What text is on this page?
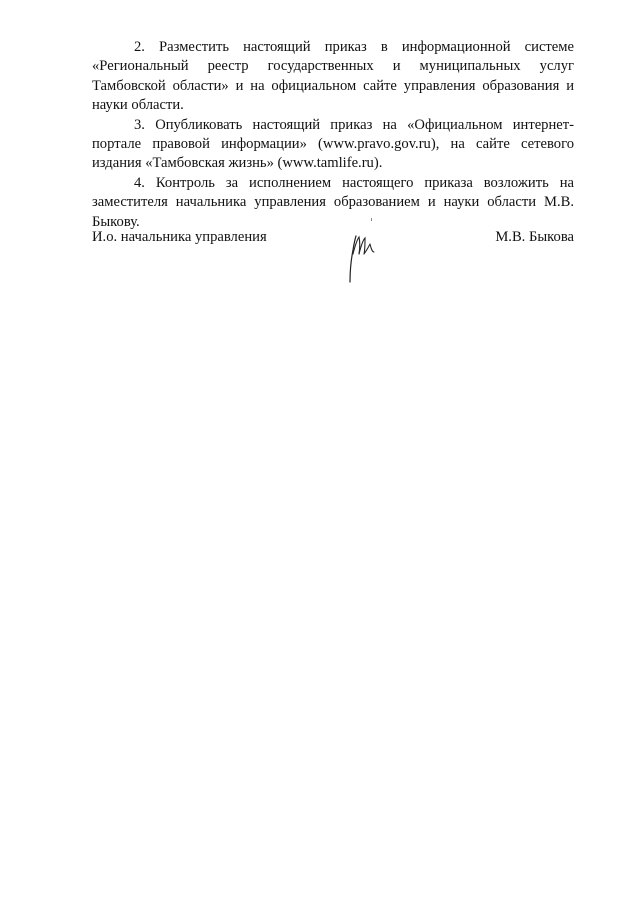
2. Разместить настоящий приказ в информационной системе «Региональный реестр государственных и муниципальных услуг Тамбовской области» и на официальном сайте управления образования и науки области.

3. Опубликовать настоящий приказ на «Официальном интернет-портале правовой информации» (www.pravo.gov.ru), на сайте сетевого издания «Тамбовская жизнь» (www.tamlife.ru).

4. Контроль за исполнением настоящего приказа возложить на заместителя начальника управления образованием и науки области М.В. Быкову.

И.о. начальника управления	М.В. Быкова
